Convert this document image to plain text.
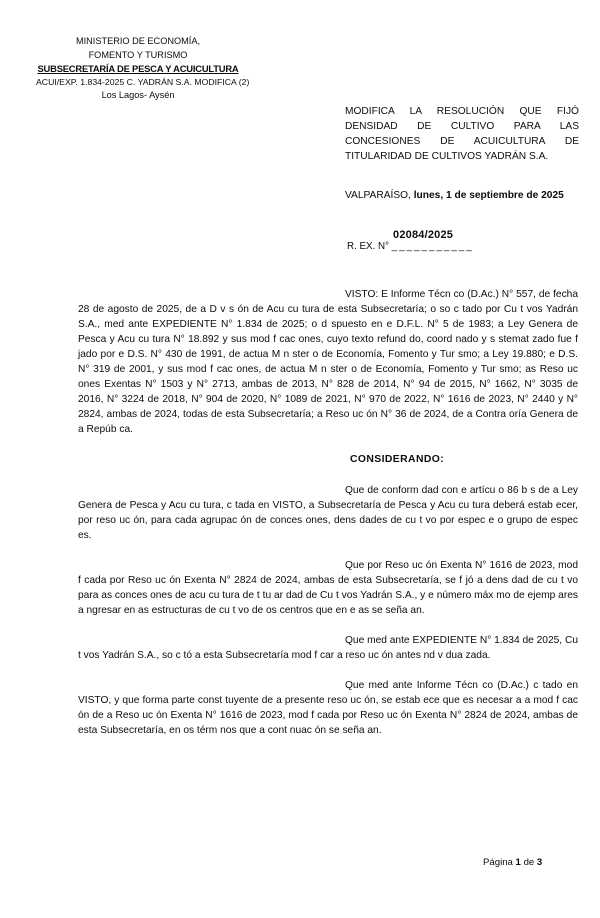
MINISTERIO DE ECONOMÍA,
FOMENTO Y TURISMO
SUBSECRETARÍA DE PESCA Y ACUICULTURA
ACUI/EXP. 1.834-2025 C. YADRÁN S.A. MODIFICA (2)
Los Lagos- Aysén
MODIFICA LA RESOLUCIÓN QUE FIJÓ
DENSIDAD DE CULTIVO PARA LAS
CONCESIONES DE ACUICULTURA DE
TITULARIDAD DE CULTIVOS YADRÁN S.A.
VALPARAÍSO, lunes, 1 de septiembre de 2025
02084/2025
R. EX. N° ___________

VISTO: E Informe Técn co (D.Ac.) N° 557, de fecha 28 de agosto de 2025, de a D v s ón de Acu cu tura de esta Subsecretaría; o so c tado por Cu t vos Yadrán S.A., med ante EXPEDIENTE N° 1.834 de 2025; o d spuesto en e D.F.L. N° 5 de 1983; a Ley Genera de Pesca y Acu cu tura N° 18.892 y sus mod f cac ones, cuyo texto refund do, coord nado y s stemat zado fue f jado por e D.S. N° 430 de 1991, de actua M n ster o de Economía, Fomento y Tur smo; a Ley 19.880; e D.S. N° 319 de 2001, y sus mod f cac ones, de actua M n ster o de Economía, Fomento y Tur smo; as Reso uc ones Exentas N° 1503 y N° 2713, ambas de 2013, N° 828 de 2014, N° 94 de 2015, N° 1662, N° 3035 de 2016, N° 3224 de 2018, N° 904 de 2020, N° 1089 de 2021, N° 970 de 2022, N° 1616 de 2023, N° 2440 y N° 2824, ambas de 2024, todas de esta Subsecretaría; a Reso uc ón N° 36 de 2024, de a Contra oría Genera de a Repúb ca.

CONSIDERANDO:

Que de conform dad con e artícu o 86 b s de a Ley Genera de Pesca y Acu cu tura, c tada en VISTO, a Subsecretaría de Pesca y Acu cu tura deberá estab ecer, por reso uc ón, para cada agrupac ón de conces ones, dens dades de cu t vo por espec e o grupo de espec es.

Que por Reso uc ón Exenta N° 1616 de 2023, mod f cada por Reso uc ón Exenta N° 2824 de 2024, ambas de esta Subsecretaría, se f jó a dens dad de cu t vo para as conces ones de acu cu tura de t tu ar dad de Cu t vos Yadrán S.A., y e número máx mo de ejemp ares a ngresar en as estructuras de cu t vo de os centros que en e as se seña an.

Que med ante EXPEDIENTE N° 1.834 de 2025, Cu t vos Yadrán S.A., so c tó a esta Subsecretaría mod f car a reso uc ón antes nd v dua zada.

Que med ante Informe Técn co (D.Ac.) c tado en VISTO, y que forma parte const tuyente de a presente reso uc ón, se estab ece que es necesar a a mod f cac ón de a Reso uc ón Exenta N° 1616 de 2023, mod f cada por Reso uc ón Exenta N° 2824 de 2024, ambas de esta Subsecretaría, en os térm nos que a cont nuac ón se seña an.

Página 1 de 3
